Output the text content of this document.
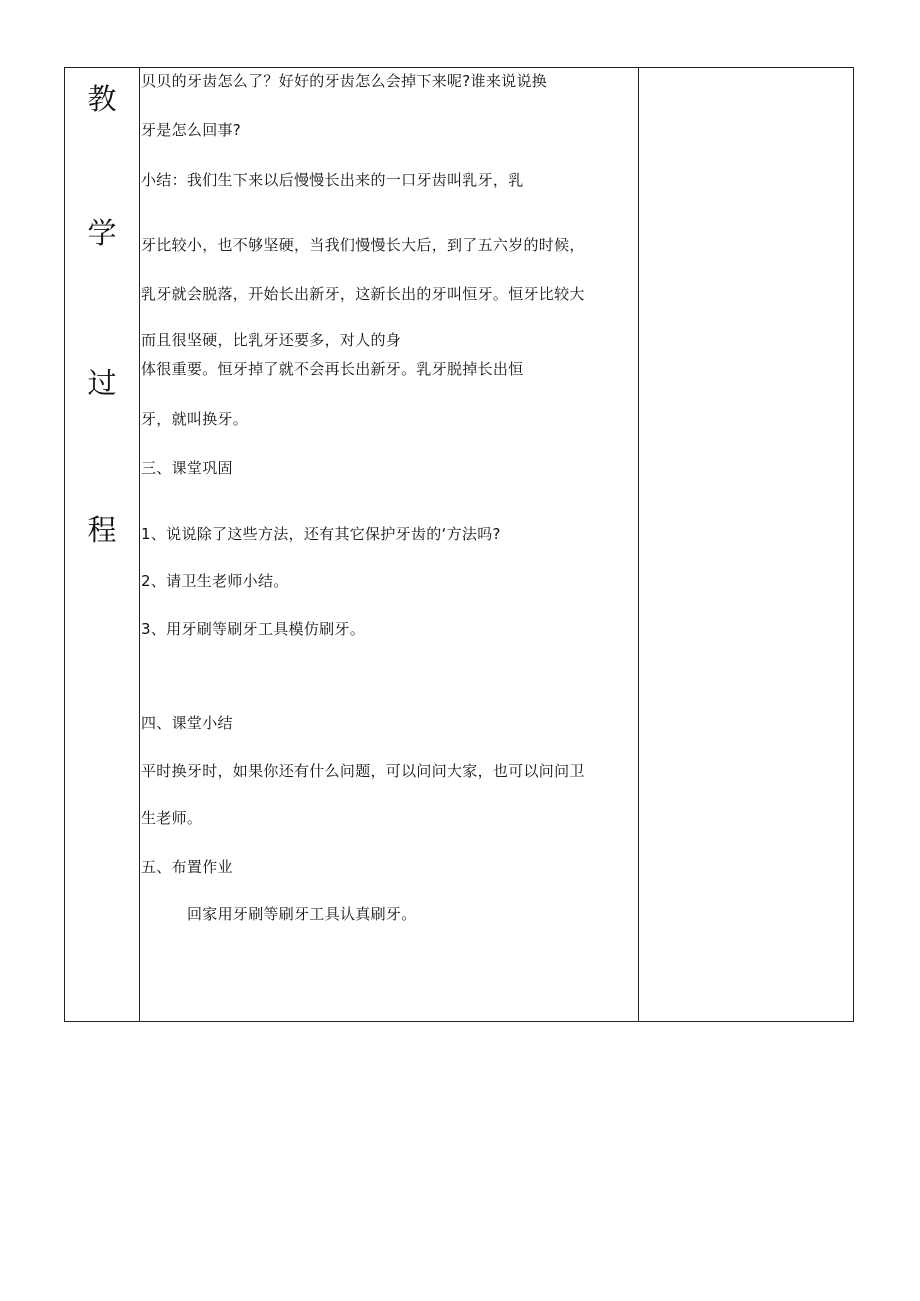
教
学
过
程
贝贝的牙齿怎么了？好好的牙齿怎么会掉下来呢?谁来说说换
牙是怎么回事?
小结：我们生下来以后慢慢长出来的一口牙齿叫乳牙，乳
牙比较小，也不够坚硬，当我们慢慢长大后，到了五六岁的时候，
乳牙就会脱落，开始长出新牙，这新长出的牙叫恒牙。恒牙比较大
而且很坚硬，比乳牙还要多，对人的身
体很重要。恒牙掉了就不会再长出新牙。乳牙脱掉长出恒
牙，就叫换牙。
三、课堂巩固
1、说说除了这些方法，还有其它保护牙齿的‘方法吗?
2、请卫生老师小结。
3、用牙刷等刷牙工具模仿刷牙。
四、课堂小结
平时换牙时，如果你还有什么问题，可以问问大家，也可以问问卫
生老师。
五、布置作业
回家用牙刷等刷牙工具认真刷牙。
